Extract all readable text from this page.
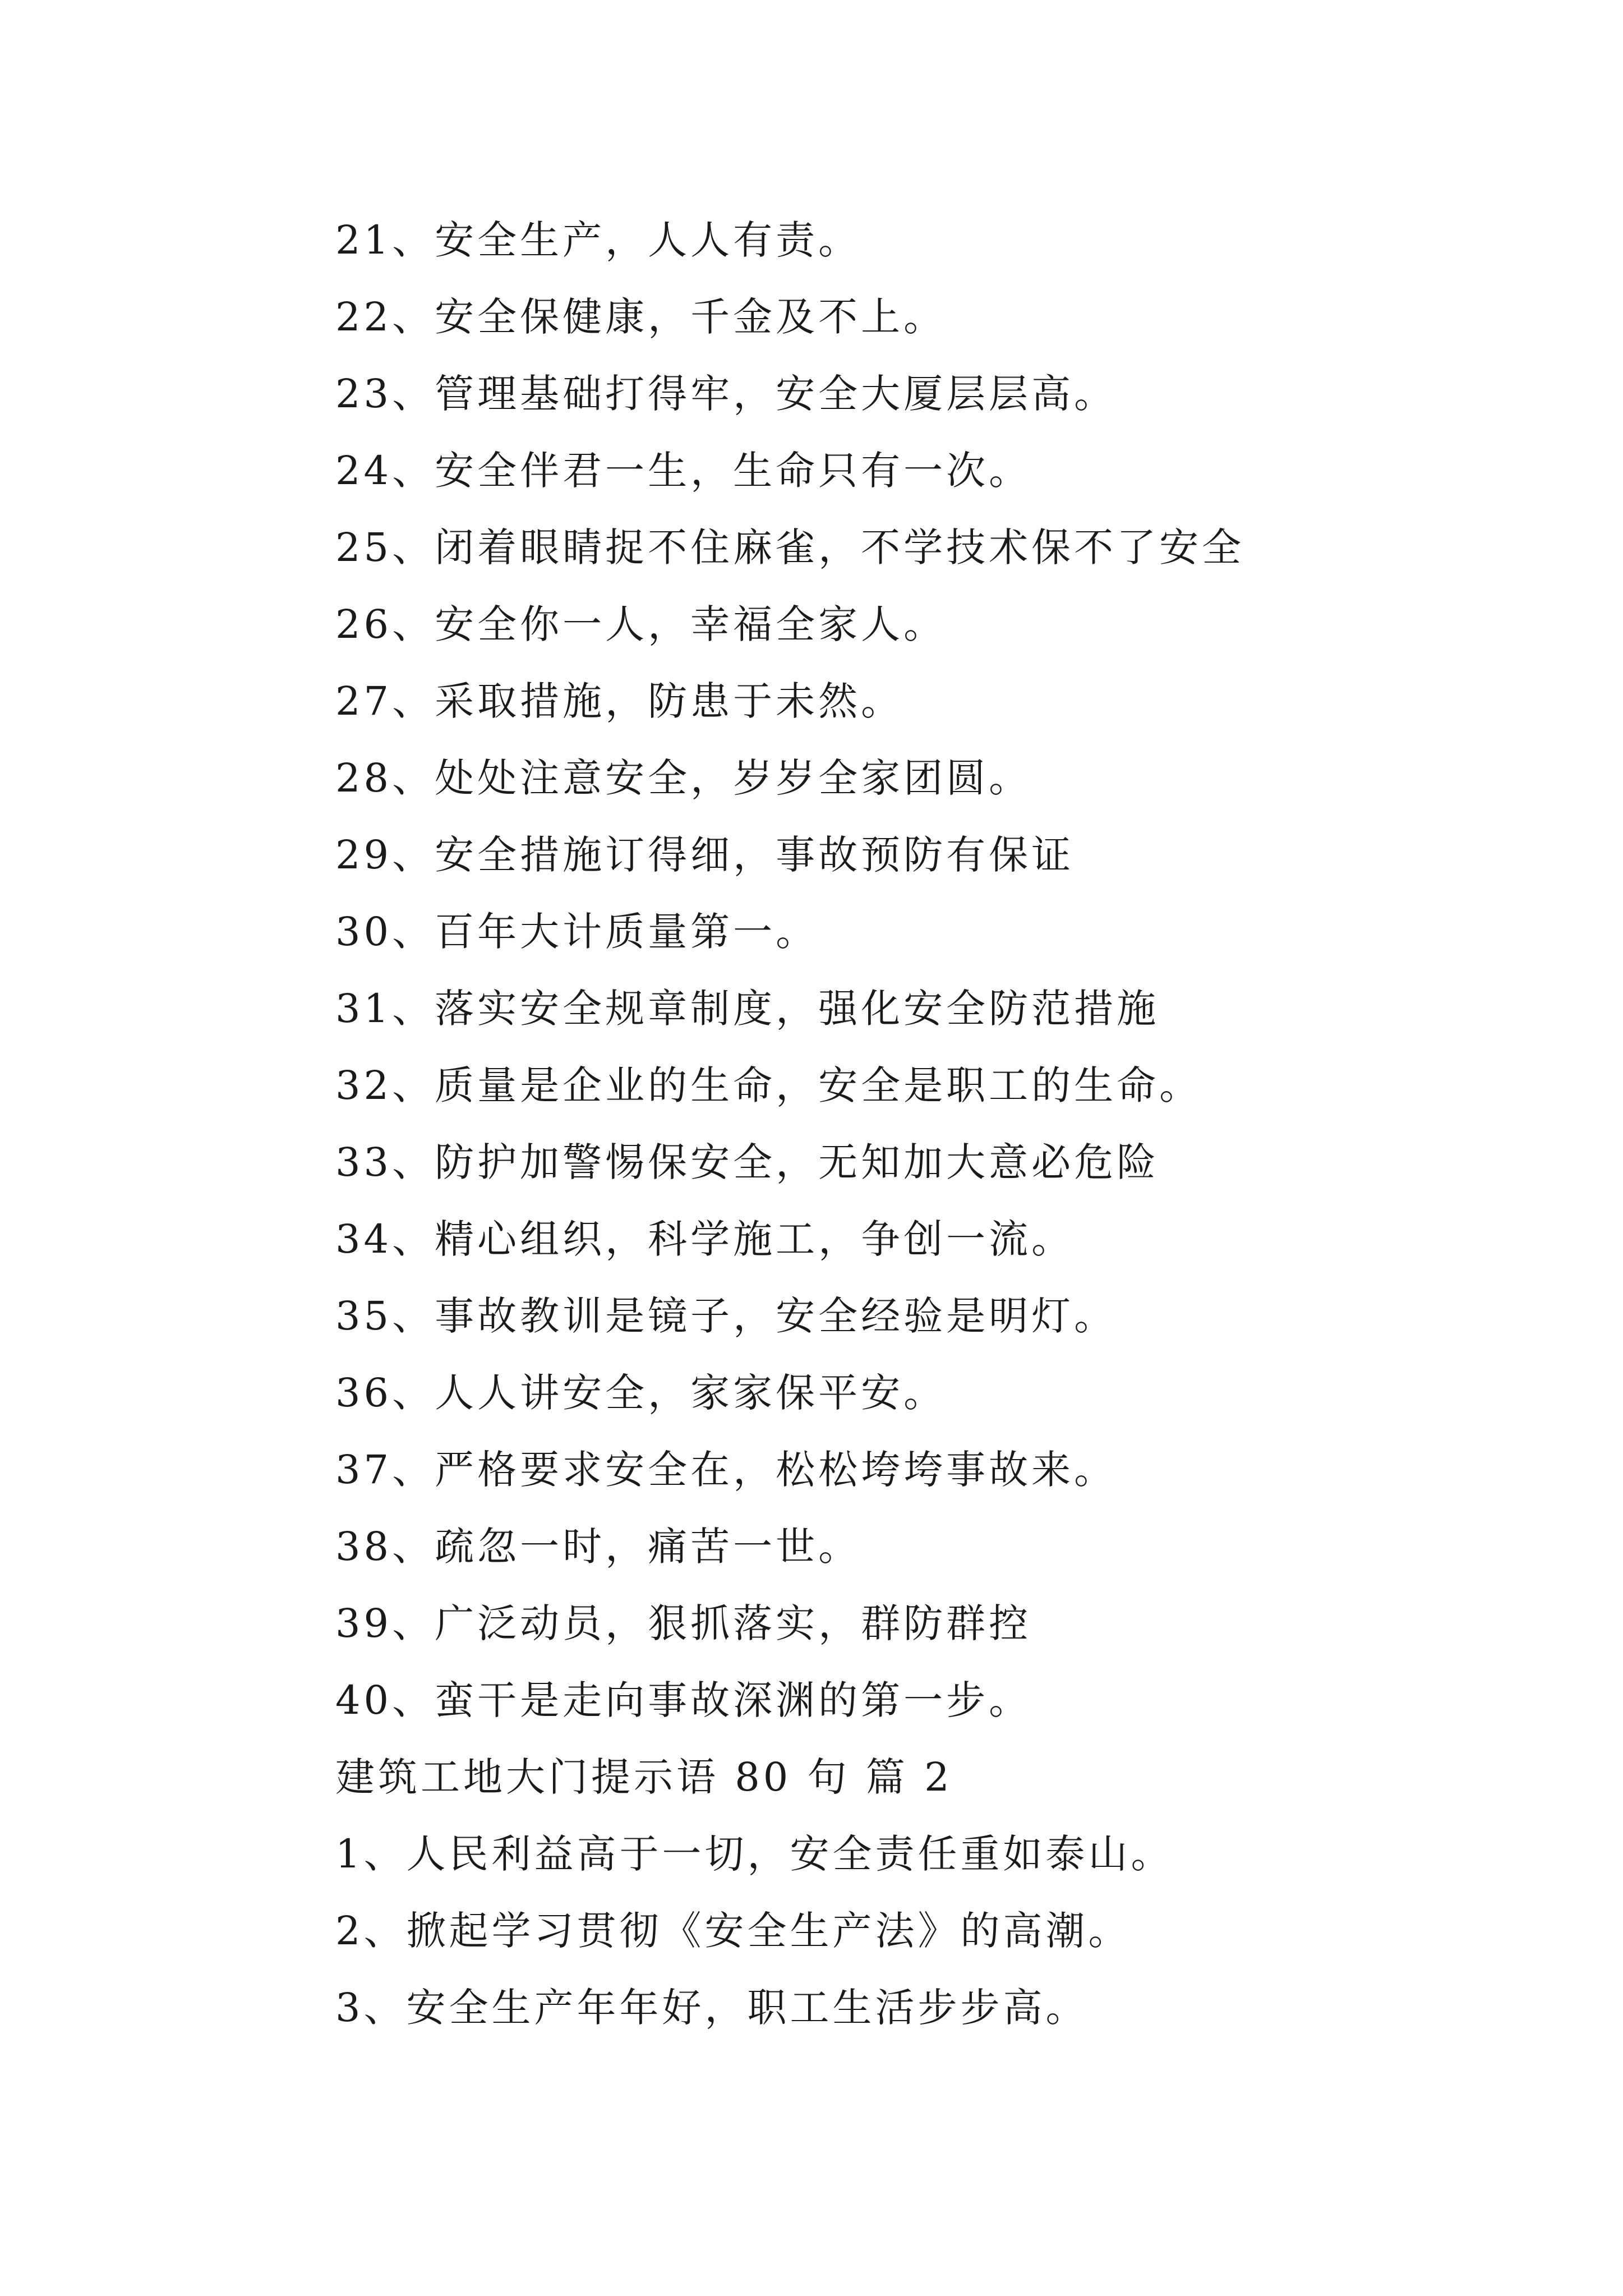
21、安全生产，人人有责。
22、安全保健康，千金及不上。
23、管理基础打得牢，安全大厦层层高。
24、安全伴君一生，生命只有一次。
25、闭着眼睛捉不住麻雀，不学技术保不了安全
26、安全你一人，幸福全家人。
27、采取措施，防患于未然。
28、处处注意安全，岁岁全家团圆。
29、安全措施订得细，事故预防有保证
30、百年大计质量第一。
31、落实安全规章制度，强化安全防范措施
32、质量是企业的生命，安全是职工的生命。
33、防护加警惕保安全，无知加大意必危险
34、精心组织，科学施工，争创一流。
35、事故教训是镜子，安全经验是明灯。
36、人人讲安全，家家保平安。
37、严格要求安全在，松松垮垮事故来。
38、疏忽一时，痛苦一世。
39、广泛动员，狠抓落实，群防群控
40、蛮干是走向事故深渊的第一步。
建筑工地大门提示语 80 句 篇 2
1、人民利益高于一切，安全责任重如泰山。
2、掀起学习贯彻《安全生产法》的高潮。
3、安全生产年年好，职工生活步步高。
